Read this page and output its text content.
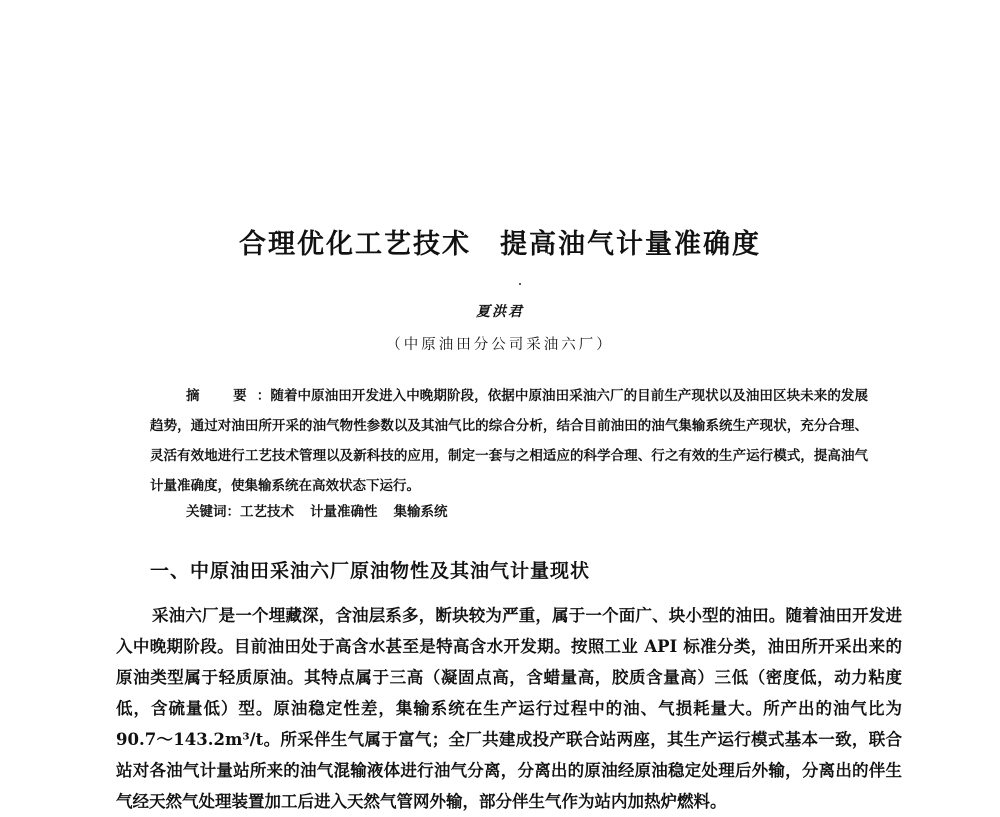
合理优化工艺技术　提高油气计量准确度
夏洪君
（中原油田分公司采油六厂）
摘　要：随着中原油田开发进入中晚期阶段，依据中原油田采油六厂的目前生产现状以及油田区块未来的发展趋势，通过对油田所开采的油气物性参数以及其油气比的综合分析，结合目前油田的油气集输系统生产现状，充分合理、灵活有效地进行工艺技术管理以及新科技的应用，制定一套与之相适应的科学合理、行之有效的生产运行模式，提高油气计量准确度，使集输系统在高效状态下运行。
关键词：工艺技术 计量准确性 集输系统
一、中原油田采油六厂原油物性及其油气计量现状
采油六厂是一个埋藏深，含油层系多，断块较为严重，属于一个面广、块小型的油田。随着油田开发进入中晚期阶段。目前油田处于高含水甚至是特高含水开发期。按照工业 API 标准分类，油田所开采出来的原油类型属于轻质原油。其特点属于三高（凝固点高，含蜡量高，胶质含量高）三低（密度低，动力粘度低，含硫量低）型。原油稳定性差，集输系统在生产运行过程中的油、气损耗量大。所产出的油气比为 90.7～143.2m³/t。所采伴生气属于富气；全厂共建成投产联合站两座，其生产运行模式基本一致，联合站对各油气计量站所来的油气混输液体进行油气分离，分离出的原油经原油稳定处理后外输，分离出的伴生气经天然气处理装置加工后进入天然气管网外输，部分伴生气作为站内加热炉燃料。
